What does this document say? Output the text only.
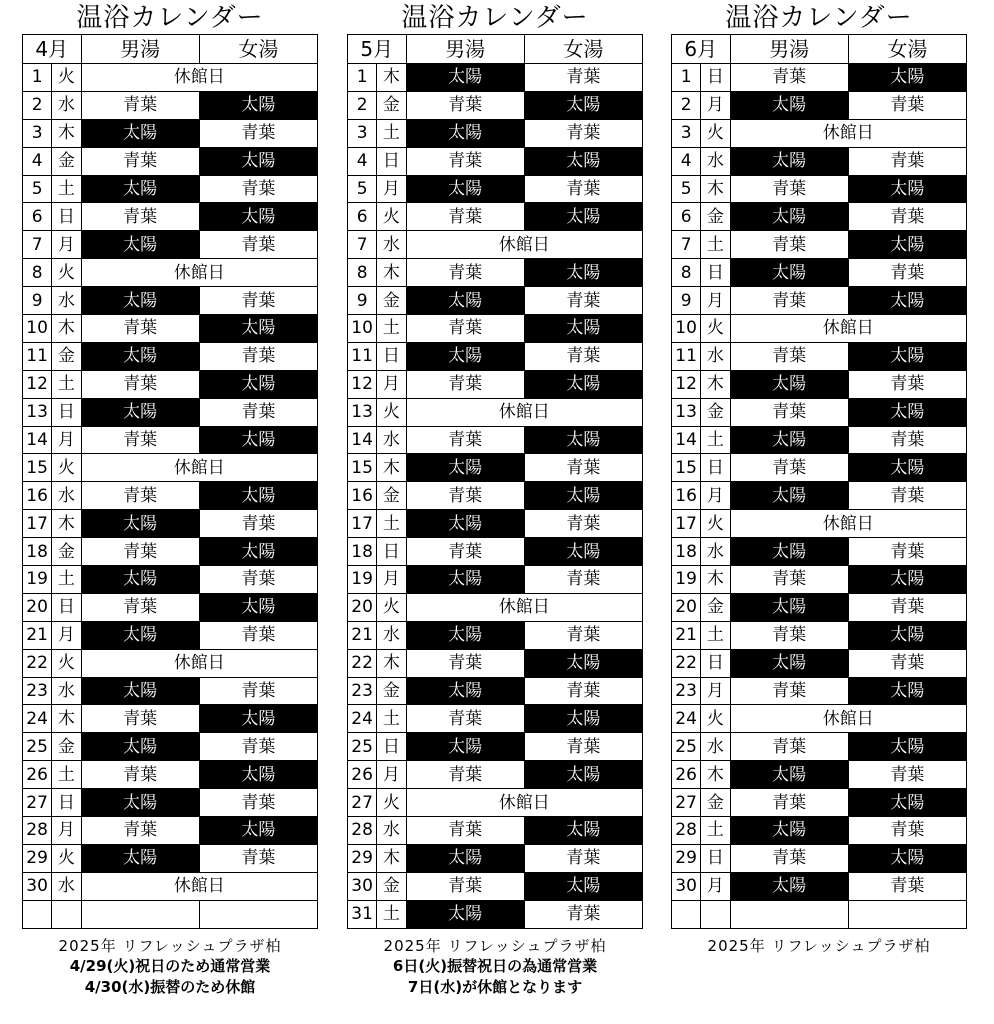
温浴カレンダー
4月		男湯	女湯
1	火	休館日	
2	水	青葉	太陽
3	木	太陽	青葉
4	金	青葉	太陽
5	土	太陽	青葉
6	日	青葉	太陽
7	月	太陽	青葉
8	火	休館日	
9	水	太陽	青葉
10	木	青葉	太陽
11	金	太陽	青葉
12	土	青葉	太陽
13	日	太陽	青葉
14	月	青葉	太陽
15	火	休館日	
16	水	青葉	太陽
17	木	太陽	青葉
18	金	青葉	太陽
19	土	太陽	青葉
20	日	青葉	太陽
21	月	太陽	青葉
22	火	休館日	
23	水	太陽	青葉
24	木	青葉	太陽
25	金	太陽	青葉
26	土	青葉	太陽
27	日	太陽	青葉
28	月	青葉	太陽
29	火	太陽	青葉
30	水	休館日	

2025年 リフレッシュプラザ柏
4/29(火)祝日のため通常営業
4/30(水)振替のため休館
温浴カレンダー
5月		男湯	女湯
1	木	太陽	青葉
2	金	青葉	太陽
3	土	太陽	青葉
4	日	青葉	太陽
5	月	太陽	青葉
6	火	青葉	太陽
7	水	休館日	
8	木	青葉	太陽
9	金	太陽	青葉
10	土	青葉	太陽
11	日	太陽	青葉
12	月	青葉	太陽
13	火	休館日	
14	水	青葉	太陽
15	木	太陽	青葉
16	金	青葉	太陽
17	土	太陽	青葉
18	日	青葉	太陽
19	月	太陽	青葉
20	火	休館日	
21	水	太陽	青葉
22	木	青葉	太陽
23	金	太陽	青葉
24	土	青葉	太陽
25	日	太陽	青葉
26	月	青葉	太陽
27	火	休館日	
28	水	青葉	太陽
29	木	太陽	青葉
30	金	青葉	太陽
31	土	太陽	青葉
2025年 リフレッシュプラザ柏
6日(火)振替祝日の為通常営業
7日(水)が休館となります
温浴カレンダー
6月		男湯	女湯
1	日	青葉	太陽
2	月	太陽	青葉
3	火	休館日	
4	水	太陽	青葉
5	木	青葉	太陽
6	金	太陽	青葉
7	土	青葉	太陽
8	日	太陽	青葉
9	月	青葉	太陽
10	火	休館日	
11	水	青葉	太陽
12	木	太陽	青葉
13	金	青葉	太陽
14	土	太陽	青葉
15	日	青葉	太陽
16	月	太陽	青葉
17	火	休館日	
18	水	太陽	青葉
19	木	青葉	太陽
20	金	太陽	青葉
21	土	青葉	太陽
22	日	太陽	青葉
23	月	青葉	太陽
24	火	休館日	
25	水	青葉	太陽
26	木	太陽	青葉
27	金	青葉	太陽
28	土	太陽	青葉
29	日	青葉	太陽
30	月	太陽	青葉

2025年 リフレッシュプラザ柏
